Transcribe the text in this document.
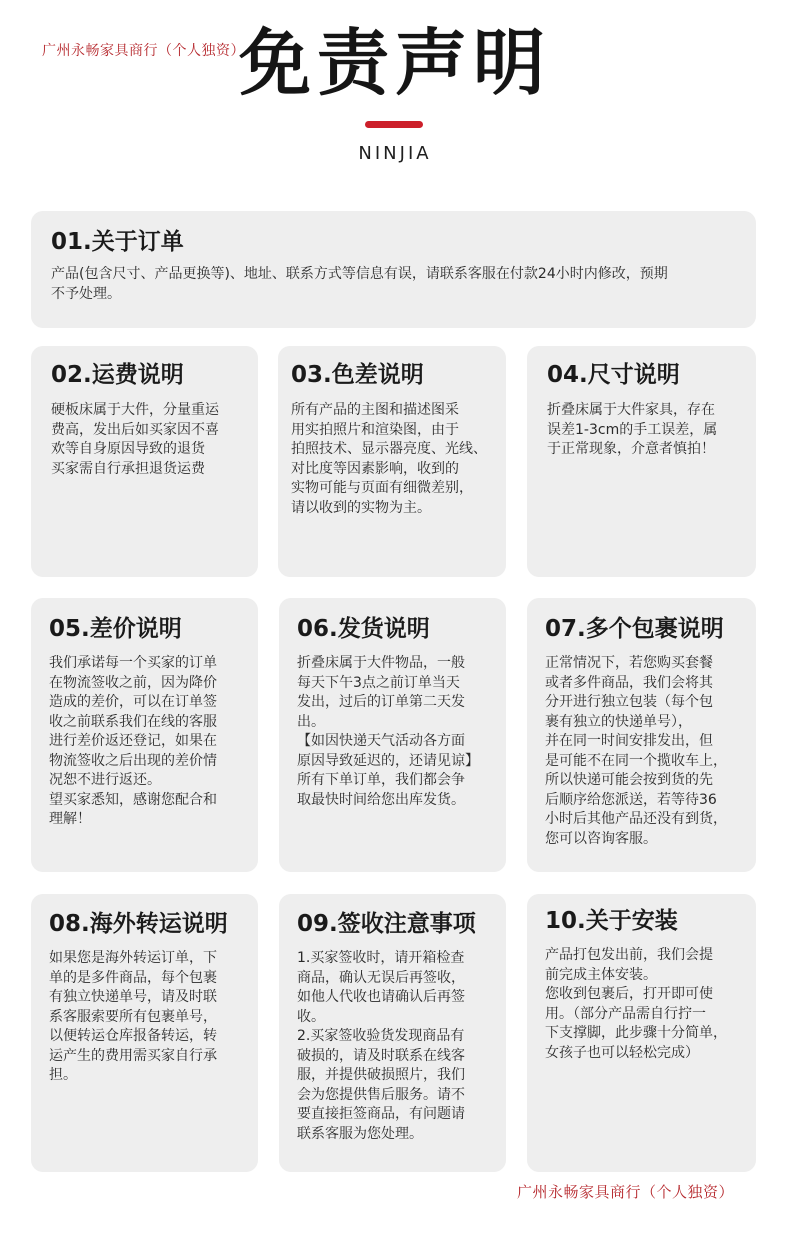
广州永畅家具商行（个人独资）
免责声明
NINJIA
01.关于订单

产品(包含尺寸、产品更换等)、地址、联系方式等信息有误，请联系客服在付款24小时内修改，预期
不予处理。

02.运费说明

硬板床属于大件，分量重运
费高，发出后如买家因不喜
欢等自身原因导致的退货
买家需自行承担退货运费

03.色差说明

所有产品的主图和描述图采
用实拍照片和渲染图，由于
拍照技术、显示器亮度、光线、
对比度等因素影响，收到的
实物可能与页面有细微差别，
请以收到的实物为主。

04.尺寸说明

折叠床属于大件家具，存在
误差1-3cm的手工误差，属
于正常现象，介意者慎拍！

05.差价说明

我们承诺每一个买家的订单
在物流签收之前，因为降价
造成的差价，可以在订单签
收之前联系我们在线的客服
进行差价返还登记，如果在
物流签收之后出现的差价情
况恕不进行返还。
望买家悉知，感谢您配合和
理解！

06.发货说明

折叠床属于大件物品，一般
每天下午3点之前订单当天
发出，过后的订单第二天发
出。
【如因快递天气活动各方面
原因导致延迟的，还请见谅】
所有下单订单，我们都会争
取最快时间给您出库发货。

07.多个包裹说明

正常情况下，若您购买套餐
或者多件商品，我们会将其
分开进行独立包装（每个包
裹有独立的快递单号），
并在同一时间安排发出，但
是可能不在同一个揽收车上，
所以快递可能会按到货的先
后顺序给您派送，若等待36
小时后其他产品还没有到货，
您可以咨询客服。

08.海外转运说明

如果您是海外转运订单，下
单的是多件商品，每个包裹
有独立快递单号，请及时联
系客服索要所有包裹单号，
以便转运仓库报备转运，转
运产生的费用需买家自行承
担。

09.签收注意事项

1.买家签收时，请开箱检查
商品，确认无误后再签收，
如他人代收也请确认后再签
收。
2.买家签收验货发现商品有
破损的，请及时联系在线客
服，并提供破损照片，我们
会为您提供售后服务。请不
要直接拒签商品，有问题请
联系客服为您处理。

10.关于安装

产品打包发出前，我们会提
前完成主体安装。
您收到包裹后，打开即可使
用。（部分产品需自行拧一
下支撑脚，此步骤十分简单，
女孩子也可以轻松完成）

广州永畅家具商行（个人独资）
